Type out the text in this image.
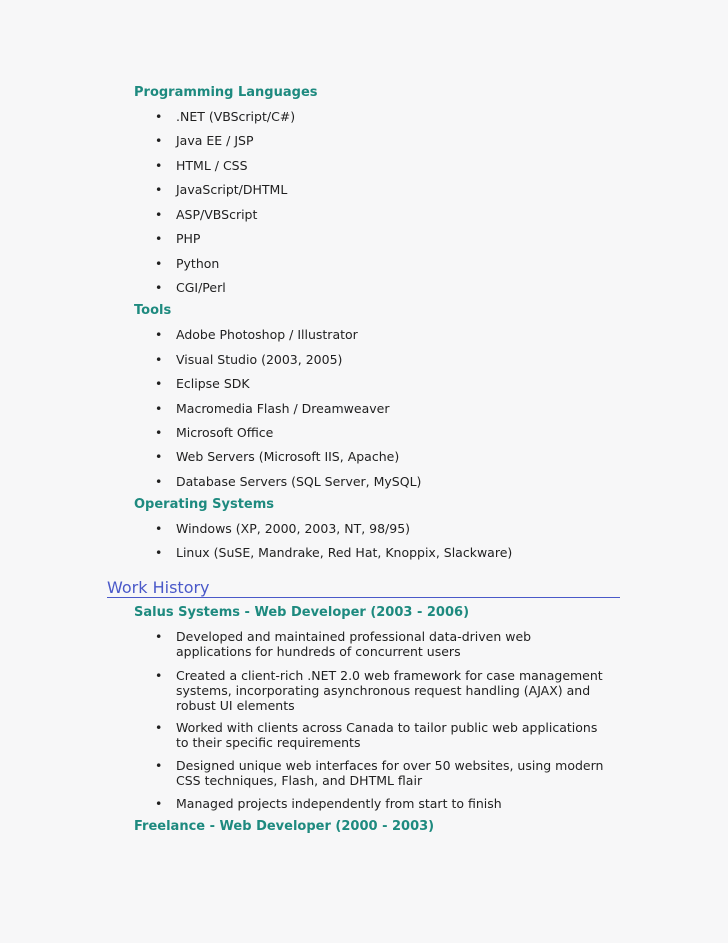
Programming Languages
• .NET (VBScript/C#)
• Java EE / JSP
• HTML / CSS
• JavaScript/DHTML
• ASP/VBScript
• PHP
• Python
• CGI/Perl
Tools
• Adobe Photoshop / Illustrator
• Visual Studio (2003, 2005)
• Eclipse SDK
• Macromedia Flash / Dreamweaver
• Microsoft Office
• Web Servers (Microsoft IIS, Apache)
• Database Servers (SQL Server, MySQL)
Operating Systems
• Windows (XP, 2000, 2003, NT, 98/95)
• Linux (SuSE, Mandrake, Red Hat, Knoppix, Slackware)
Work History
Salus Systems - Web Developer (2003 - 2006)
• Developed and maintained professional data-driven web applications for hundreds of concurrent users
• Created a client-rich .NET 2.0 web framework for case management systems, incorporating asynchronous request handling (AJAX) and robust UI elements
• Worked with clients across Canada to tailor public web applications to their specific requirements
• Designed unique web interfaces for over 50 websites, using modern CSS techniques, Flash, and DHTML flair
• Managed projects independently from start to finish
Freelance - Web Developer (2000 - 2003)
